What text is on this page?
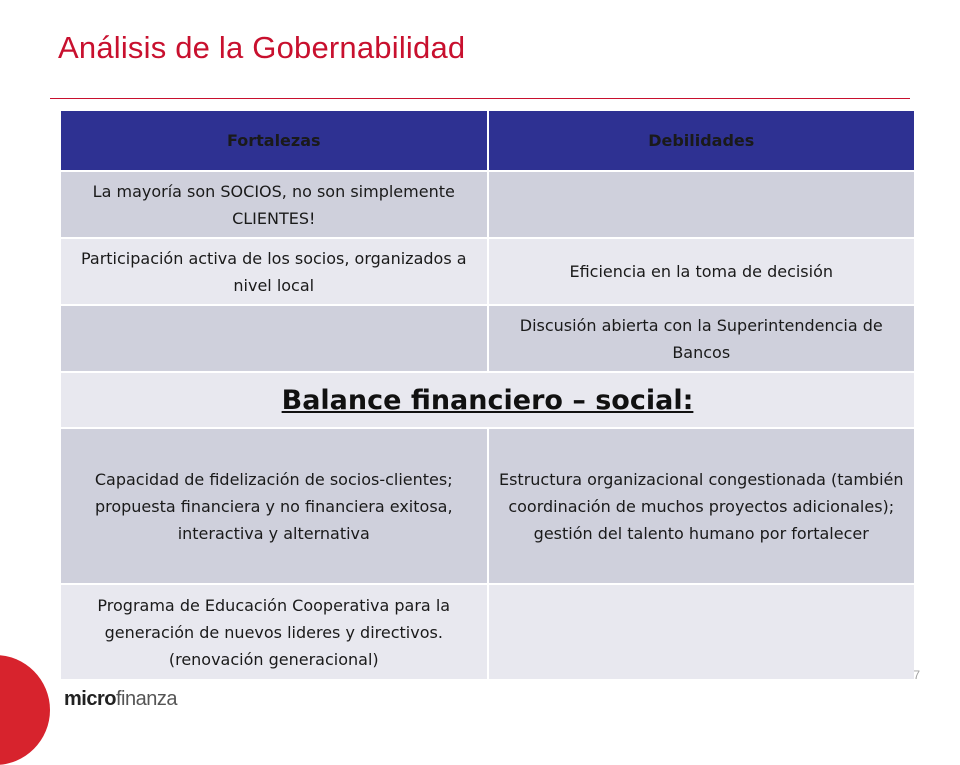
Análisis de la Gobernabilidad
Fortalezas	Debilidades
La mayoría son SOCIOS, no son simplemente CLIENTES!	
Participación activa de los socios, organizados a nivel local	Eficiencia en la toma de decisión
	Discusión abierta con la Superintendencia de Bancos
Balance financiero – social:	
Capacidad de fidelización de socios-clientes; propuesta financiera y no financiera exitosa, interactiva y alternativa	Estructura organizacional congestionada (también coordinación de muchos proyectos adicionales); gestión del talento humano por fortalecer
Programa de Educación Cooperativa para la generación de nuevos lideres y directivos. (renovación generacional)	
7
microfinanza
